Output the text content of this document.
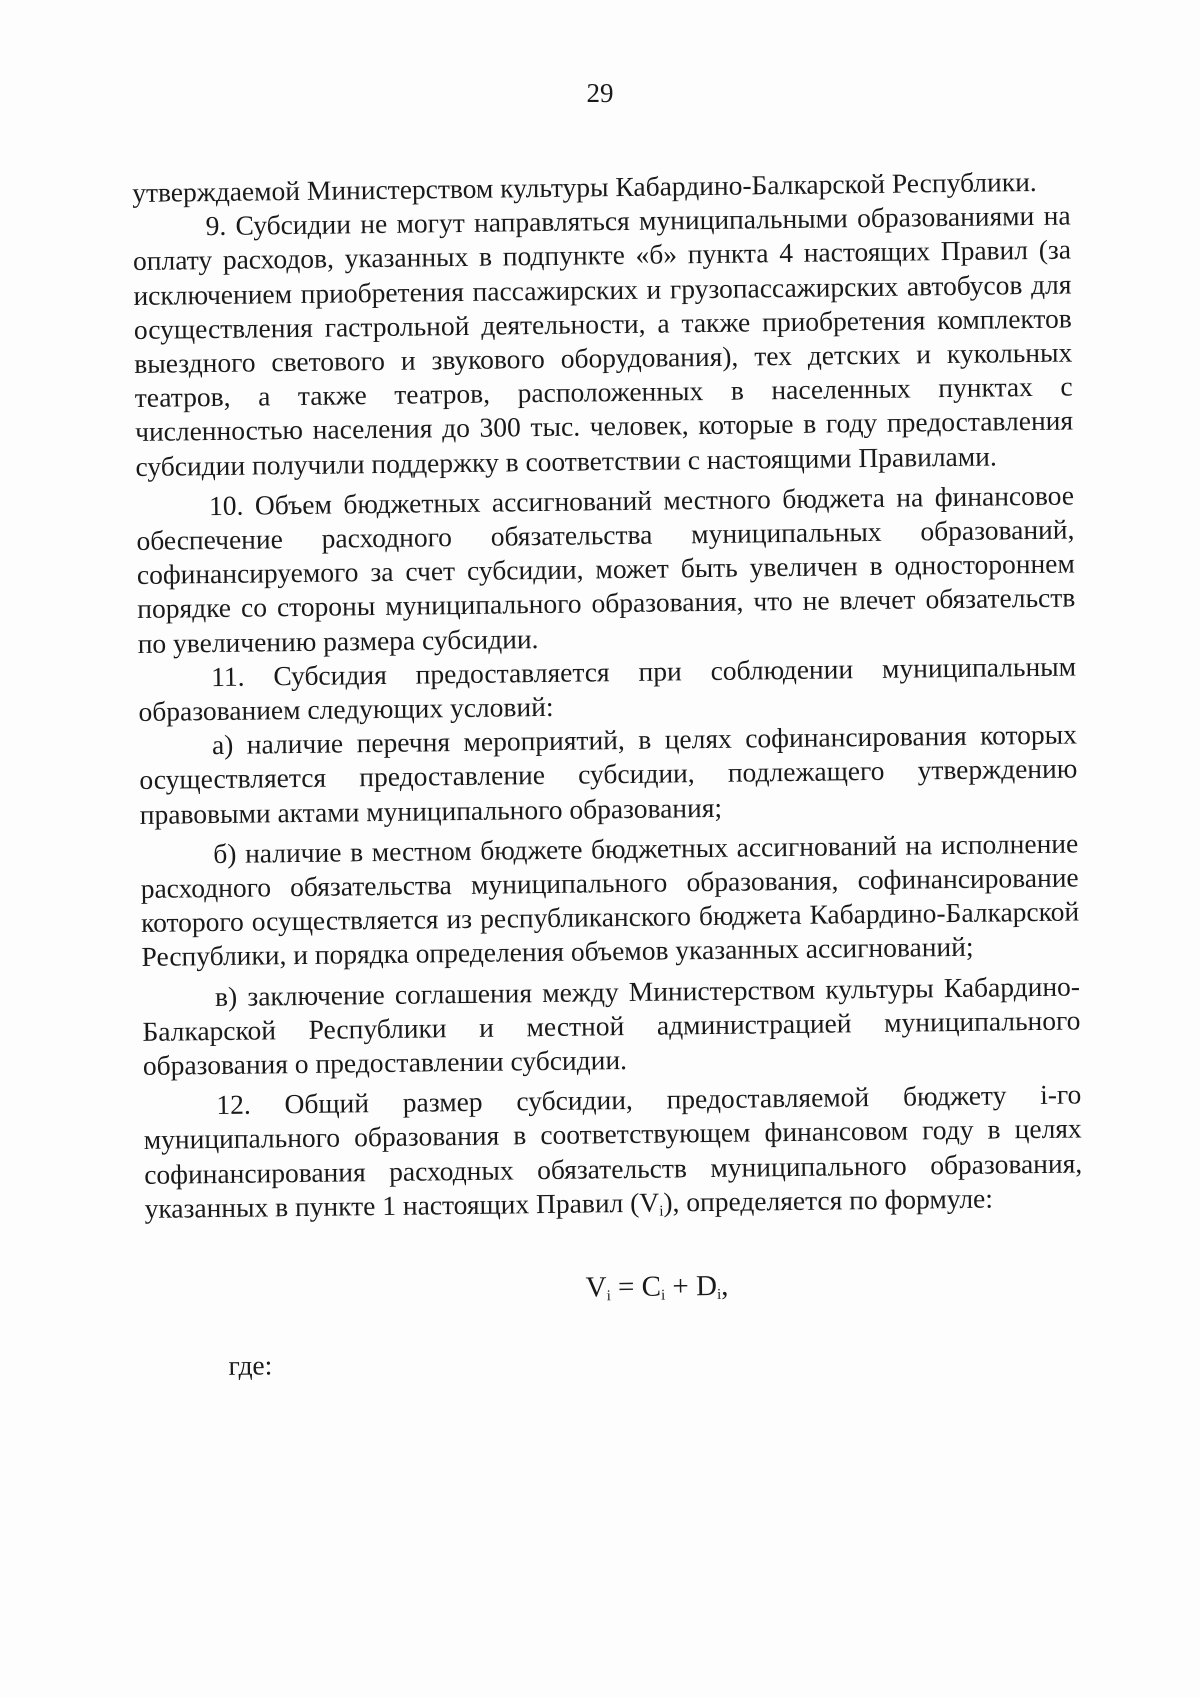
29

утверждаемой Министерством культуры Кабардино-Балкарской Республики.

9. Субсидии не могут направляться муниципальными образованиями на оплату расходов, указанных в подпункте «б» пункта 4 настоящих Правил (за исключением приобретения пассажирских и грузопассажирских автобусов для осуществления гастрольной деятельности, а также приобретения комплектов выездного светового и звукового оборудования), тех детских и кукольных театров, а также театров, расположенных в населенных пунктах с численностью населения до 300 тыс. человек, которые в году предоставления субсидии получили поддержку в соответствии с настоящими Правилами.

10. Объем бюджетных ассигнований местного бюджета на финансовое обеспечение расходного обязательства муниципальных образований, софинансируемого за счет субсидии, может быть увеличен в одностороннем порядке со стороны муниципального образования, что не влечет обязательств по увеличению размера субсидии.

11. Субсидия предоставляется при соблюдении муниципальным образованием следующих условий:

а) наличие перечня мероприятий, в целях софинансирования которых осуществляется предоставление субсидии, подлежащего утверждению правовыми актами муниципального образования;

б) наличие в местном бюджете бюджетных ассигнований на исполнение расходного обязательства муниципального образования, софинансирование которого осуществляется из республиканского бюджета Кабардино-Балкарской Республики, и порядка определения объемов указанных ассигнований;

в) заключение соглашения между Министерством культуры Кабардино-Балкарской Республики и местной администрацией муниципального образования о предоставлении субсидии.

12. Общий размер субсидии, предоставляемой бюджету i-го муниципального образования в соответствующем финансовом году в целях софинансирования расходных обязательств муниципального образования, указанных в пункте 1 настоящих Правил $(V_i)$, определяется по формуле:

$V_i = C_i + D_i$,
где:
